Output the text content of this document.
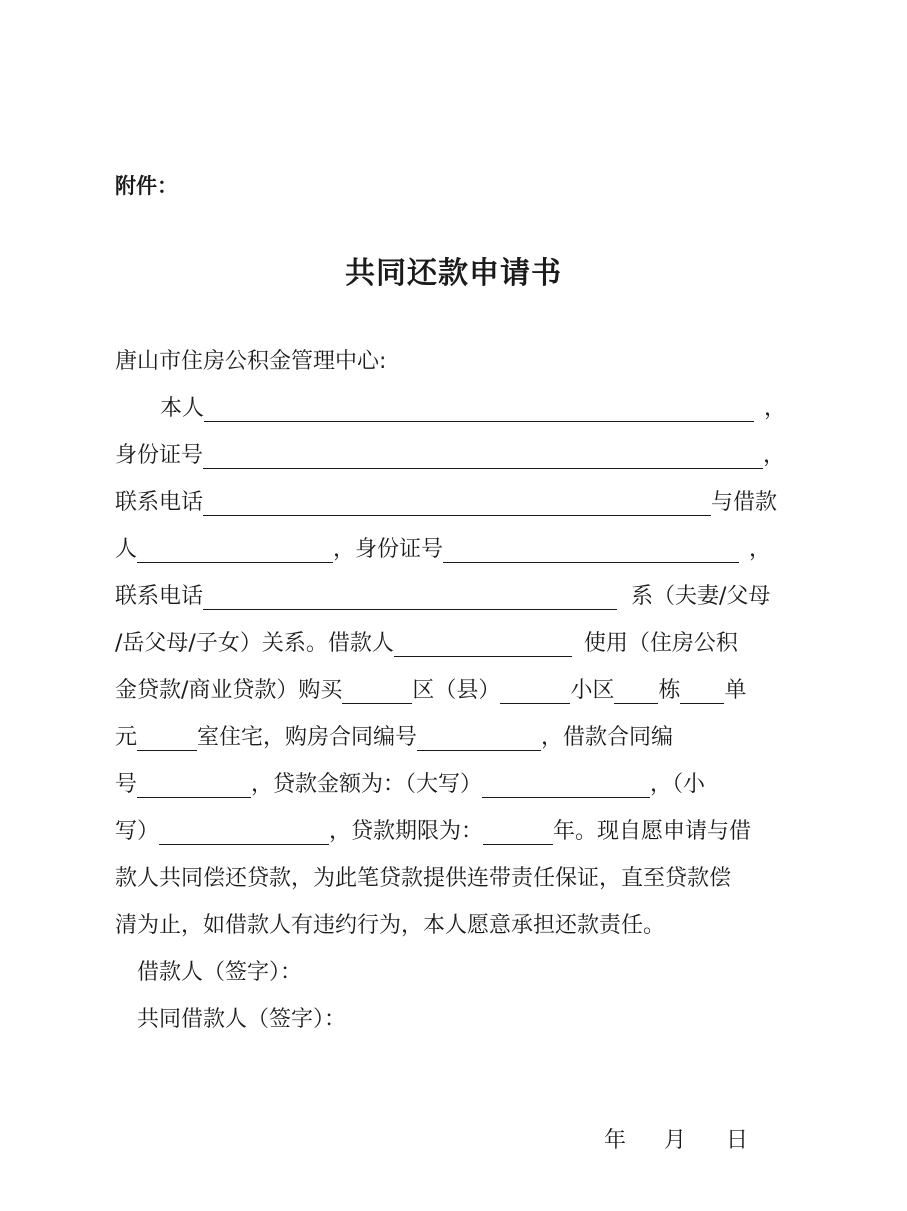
附件：

共同还款申请书
唐山市住房公积金管理中心:
本人	，
身份证号	，
联系电话	与借款
人	，身份证号	，
联系电话	系（夫妻/父母
/岳父母/子女）关系。借款人	使用（住房公积
金贷款/商业贷款）购买	区（县）	小区 栋 单
元	室住宅，购房合同编号	，借款合同编
号	，贷款金额为：（大写）	，（小
写）	，贷款期限为：	年。现自愿申请与借
款人共同偿还贷款，为此笔贷款提供连带责任保证，直至贷款偿
清为止，如借款人有违约行为，本人愿意承担还款责任。
借款人（签字）：
共同借款人（签字）：
年 月 日
